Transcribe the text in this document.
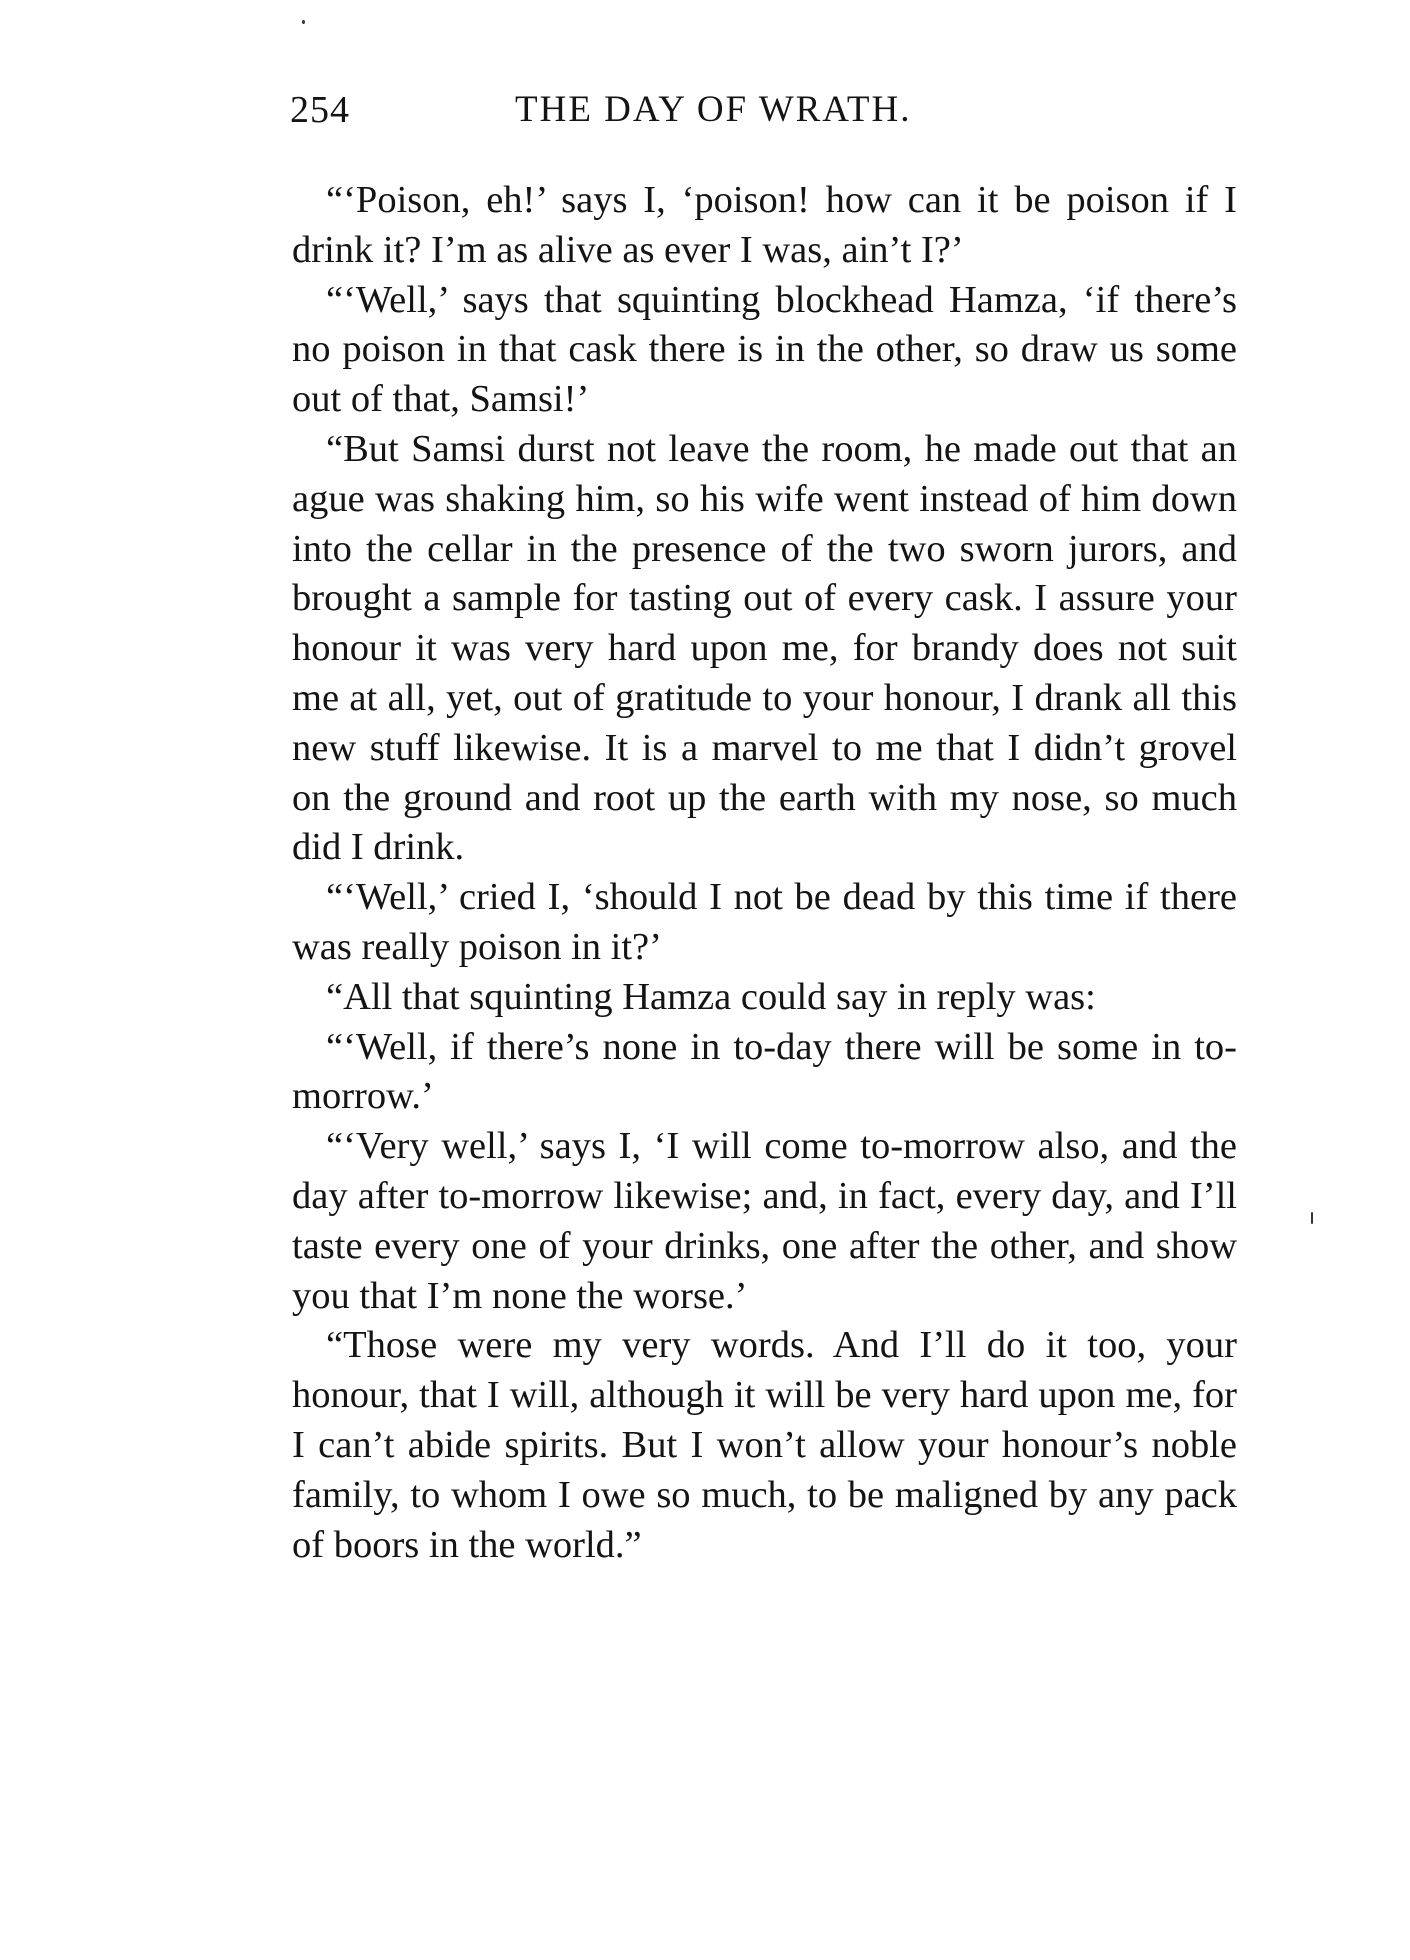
254	THE DAY OF WRATH.

“‘Poison, eh!’ says I, ‘poison! how can it be poison if I drink it? I’m as alive as ever I was, ain’t I?’

“‘Well,’ says that squinting blockhead Hamza, ‘if there’s no poison in that cask there is in the other, so draw us some out of that, Samsi!’

“But Samsi durst not leave the room, he made out that an ague was shaking him, so his wife went instead of him down into the cellar in the presence of the two sworn jurors, and brought a sample for tasting out of every cask. I assure your honour it was very hard upon me, for brandy does not suit me at all, yet, out of gratitude to your honour, I drank all this new stuff likewise. It is a marvel to me that I didn’t grovel on the ground and root up the earth with my nose, so much did I drink.

“‘Well,’ cried I, ‘should I not be dead by this time if there was really poison in it?’

“All that squinting Hamza could say in reply was:

“‘Well, if there’s none in to-day there will be some in to-morrow.’

“‘Very well,’ says I, ‘I will come to-morrow also, and the day after to-morrow likewise; and, in fact, every day, and I’ll taste every one of your drinks, one after the other, and show you that I’m none the worse.’

“Those were my very words. And I’ll do it too, your honour, that I will, although it will be very hard upon me, for I can’t abide spirits. But I won’t allow your honour’s noble family, to whom I owe so much, to be maligned by any pack of boors in the world.”
